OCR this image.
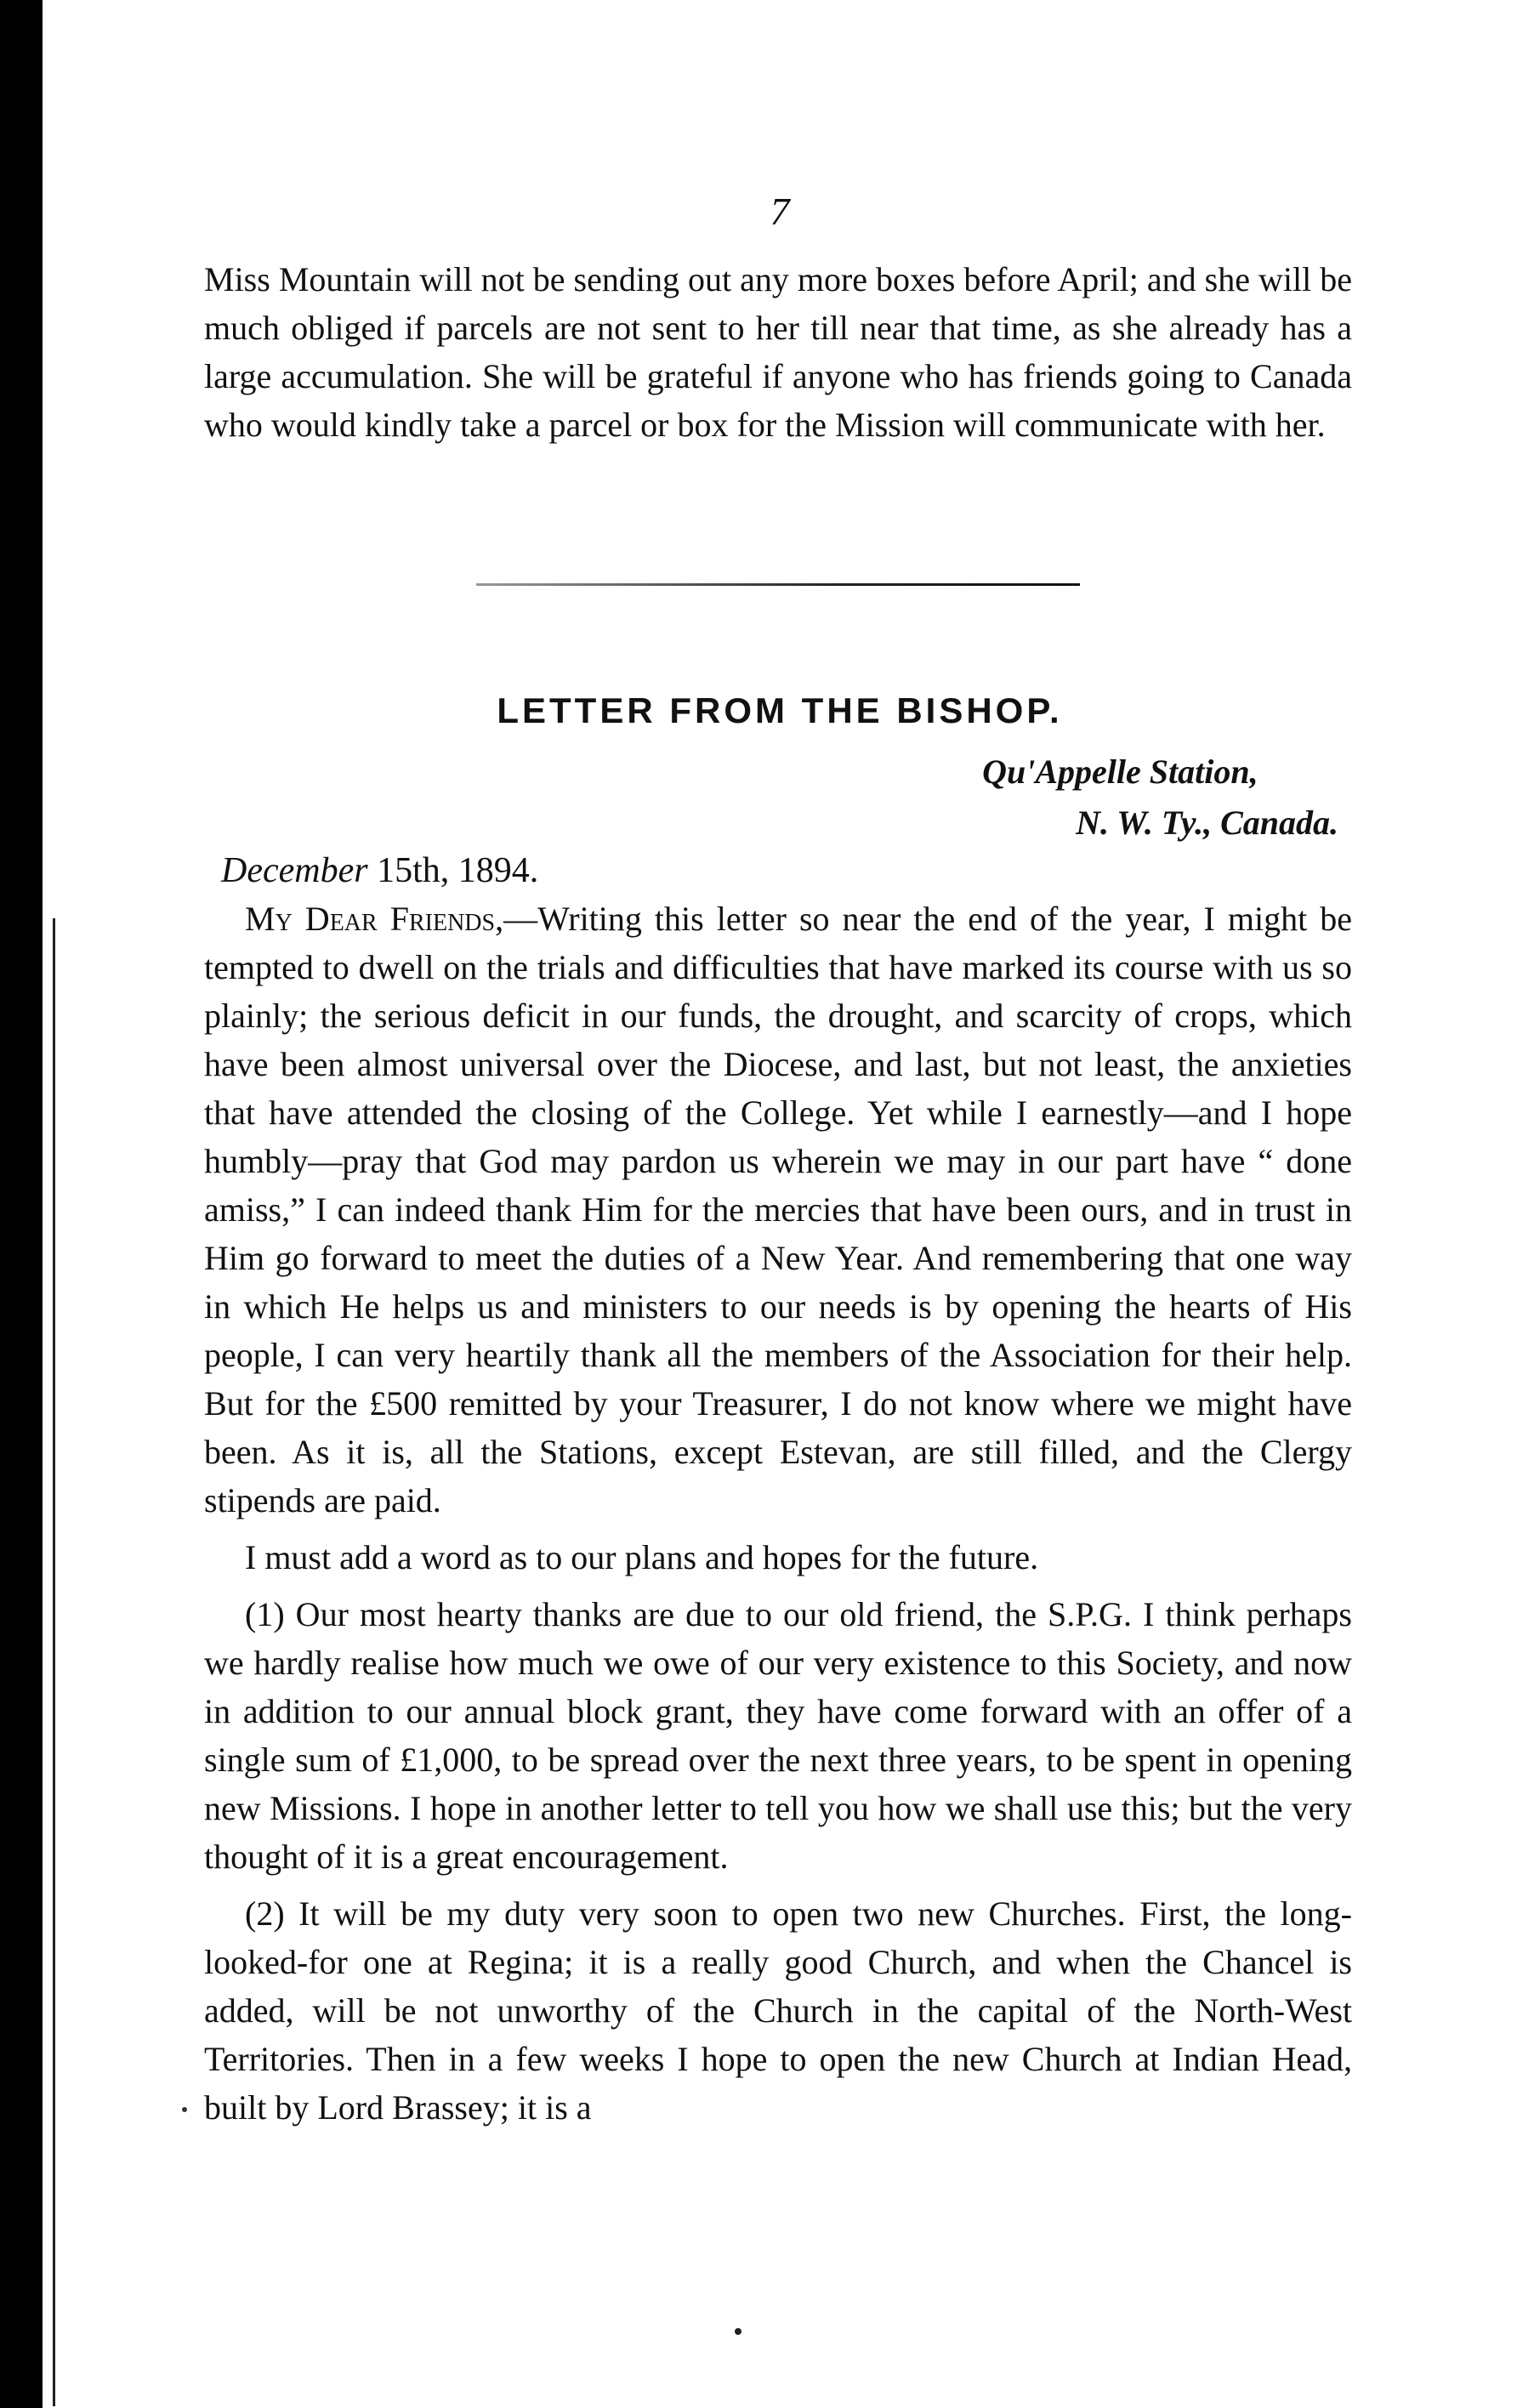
7
Miss Mountain will not be sending out any more boxes before April; and she will be much obliged if parcels are not sent to her till near that time, as she already has a large accumulation. She will be grateful if anyone who has friends going to Canada who would kindly take a parcel or box for the Mission will communicate with her.
LETTER FROM THE BISHOP.
Qu'Appelle Station,
N. W. Ty., Canada.
December 15th, 1894.

My Dear Friends,—Writing this letter so near the end of the year, I might be tempted to dwell on the trials and difficulties that have marked its course with us so plainly; the serious deficit in our funds, the drought, and scarcity of crops, which have been almost universal over the Diocese, and last, but not least, the anxieties that have attended the closing of the College. Yet while I earnestly—and I hope humbly—pray that God may pardon us wherein we may in our part have “ done amiss,” I can indeed thank Him for the mercies that have been ours, and in trust in Him go forward to meet the duties of a New Year. And remembering that one way in which He helps us and ministers to our needs is by opening the hearts of His people, I can very heartily thank all the members of the Association for their help. But for the £500 remitted by your Treasurer, I do not know where we might have been. As it is, all the Stations, except Estevan, are still filled, and the Clergy stipends are paid.

I must add a word as to our plans and hopes for the future.

(1) Our most hearty thanks are due to our old friend, the S.P.G. I think perhaps we hardly realise how much we owe of our very existence to this Society, and now in addition to our annual block grant, they have come forward with an offer of a single sum of £1,000, to be spread over the next three years, to be spent in opening new Missions. I hope in another letter to tell you how we shall use this; but the very thought of it is a great encouragement.

(2) It will be my duty very soon to open two new Churches. First, the long-looked-for one at Regina; it is a really good Church, and when the Chancel is added, will be not unworthy of the Church in the capital of the North-West Territories. Then in a few weeks I hope to open the new Church at Indian Head, built by Lord Brassey; it is a
